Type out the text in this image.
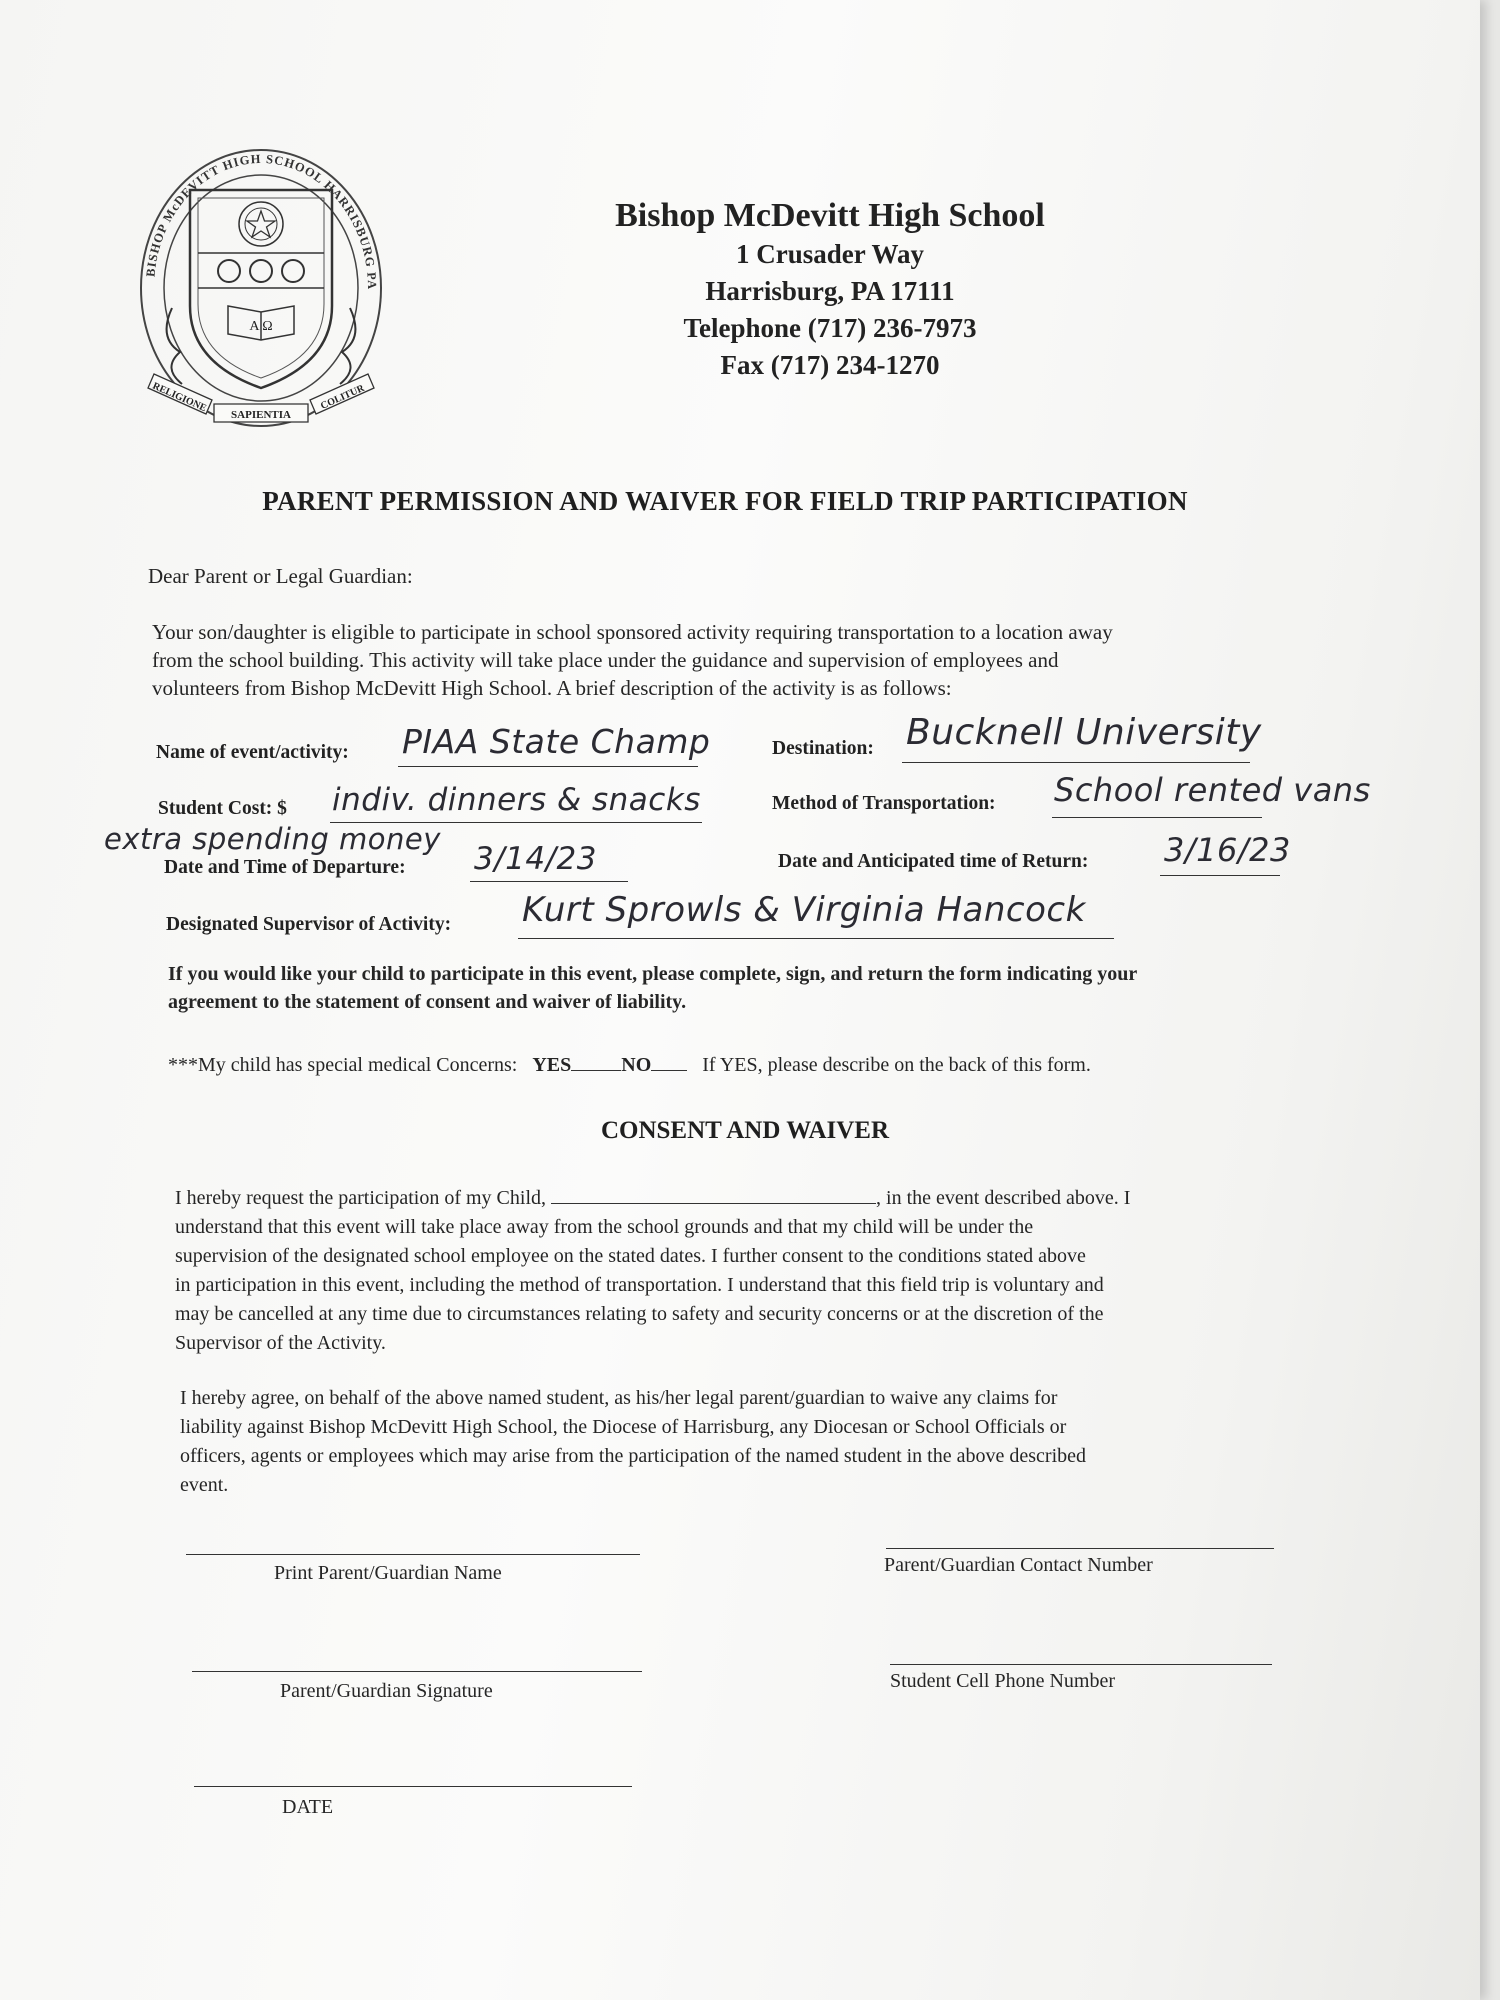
BISHOP McDEVITT HIGH SCHOOL HARRISBURG PA
A Ω
RELIGIONE
SAPIENTIA
COLITUR
Bishop McDevitt High School
1 Crusader Way
Harrisburg, PA 17111
Telephone (717) 236-7973
Fax (717) 234-1270
PARENT PERMISSION AND WAIVER FOR FIELD TRIP PARTICIPATION
Dear Parent or Legal Guardian:
Your son/daughter is eligible to participate in school sponsored activity requiring transportation to a location away
from the school building. This activity will take place under the guidance and supervision of employees and
volunteers from Bishop McDevitt High School. A brief description of the activity is as follows:
Name of event/activity: PIAA State Champ	Destination: Bucknell University
Student Cost: $ indiv. dinners & snacks
extra spending money
Method of Transportation: School rented vans
Date and Time of Departure: 3/14/23	Date and Anticipated time of Return: 3/16/23
Designated Supervisor of Activity: Kurt Sprowls & Virginia Hancock
If you would like your child to participate in this event, please complete, sign, and return the form indicating your
agreement to the statement of consent and waiver of liability.
***My child has special medical Concerns: YES	NO	If YES, please describe on the back of this form.
CONSENT AND WAIVER
I hereby request the participation of my Child,	, in the event described above. I
understand that this event will take place away from the school grounds and that my child will be under the
supervision of the designated school employee on the stated dates. I further consent to the conditions stated above
in participation in this event, including the method of transportation. I understand that this field trip is voluntary and
may be cancelled at any time due to circumstances relating to safety and security concerns or at the discretion of the
Supervisor of the Activity.
I hereby agree, on behalf of the above named student, as his/her legal parent/guardian to waive any claims for
liability against Bishop McDevitt High School, the Diocese of Harrisburg, any Diocesan or School Officials or
officers, agents or employees which may arise from the participation of the named student in the above described
event.
Print Parent/Guardian Name	Parent/Guardian Contact Number
Parent/Guardian Signature	Student Cell Phone Number
DATE
